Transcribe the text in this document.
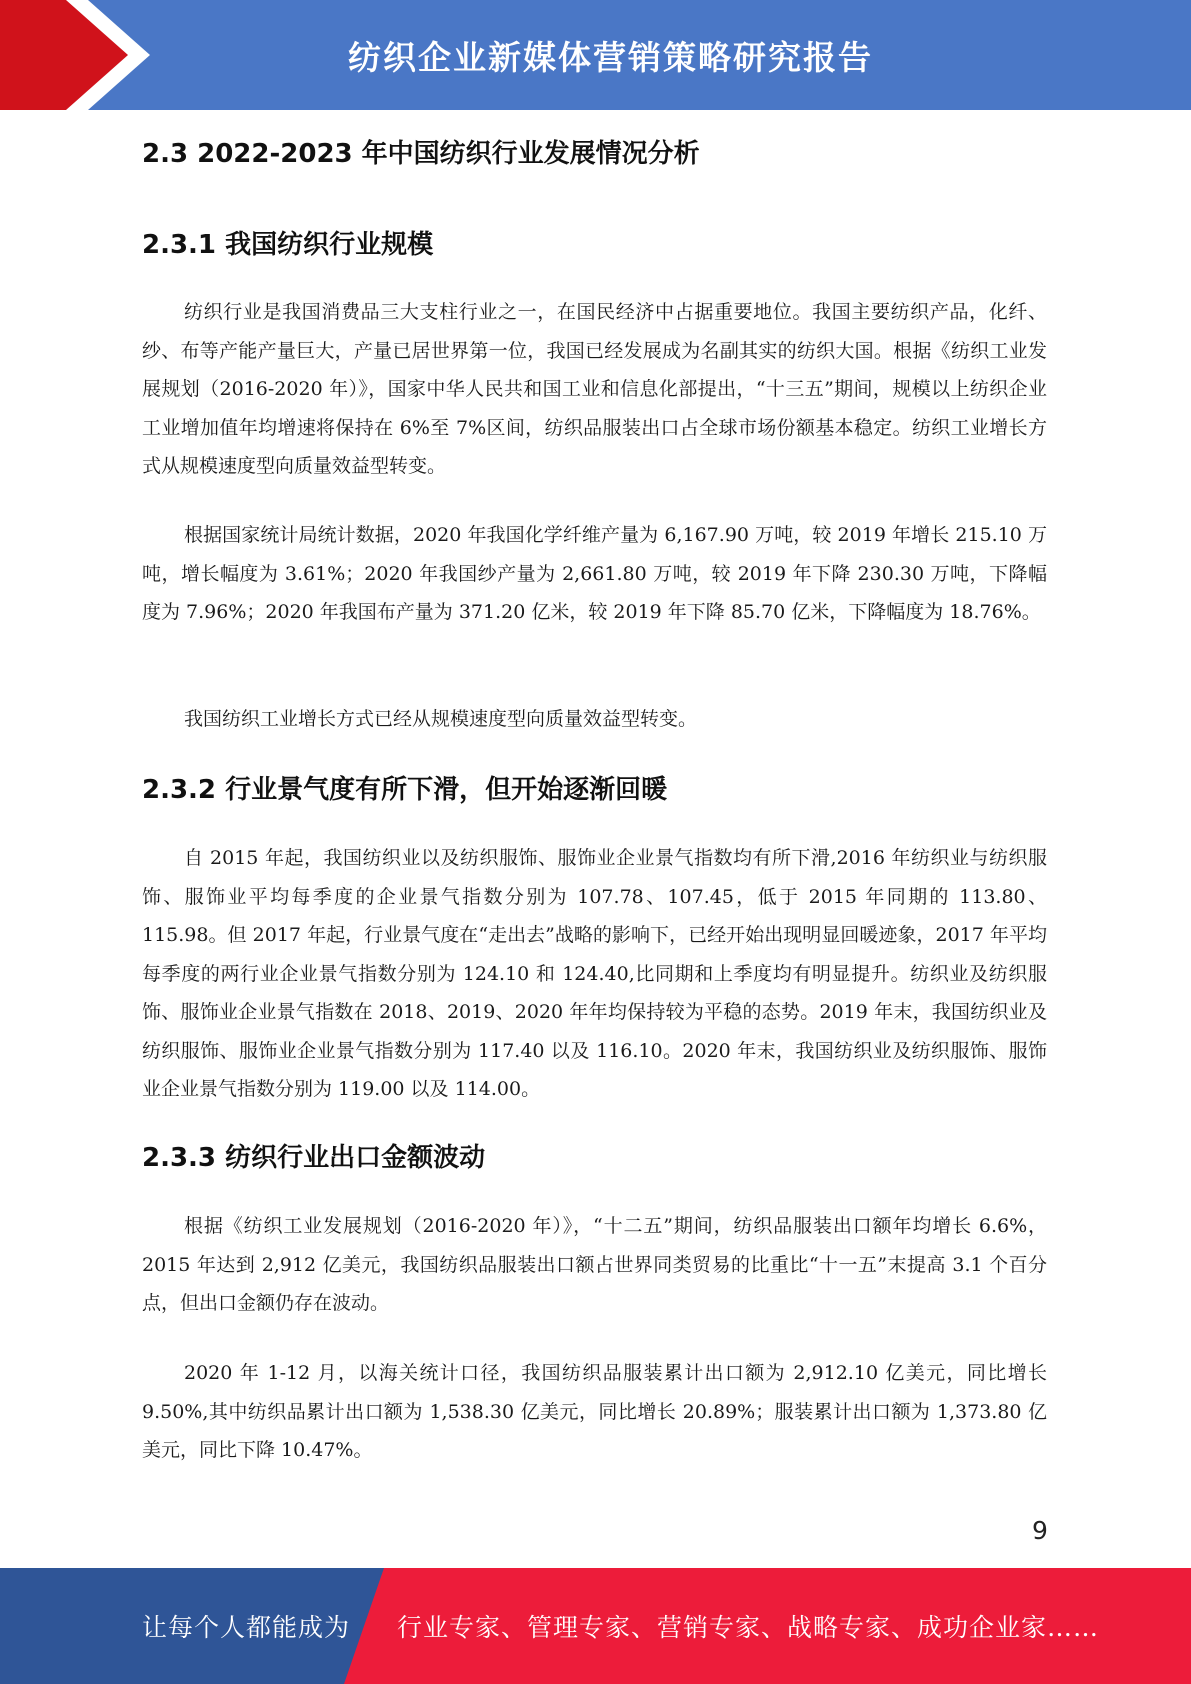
纺织企业新媒体营销策略研究报告
2.3 2022-2023 年中国纺织行业发展情况分析
2.3.1 我国纺织行业规模

纺织行业是我国消费品三大支柱行业之一，在国民经济中占据重要地位。我国主要纺织产品，化纤、纱、布等产能产量巨大，产量已居世界第一位，我国已经发展成为名副其实的纺织大国。根据《纺织工业发展规划（2016-2020 年）》，国家中华人民共和国工业和信息化部提出，“十三五”期间，规模以上纺织企业工业增加值年均增速将保持在 6%至 7%区间，纺织品服装出口占全球市场份额基本稳定。纺织工业增长方式从规模速度型向质量效益型转变。

根据国家统计局统计数据，2020 年我国化学纤维产量为 6,167.90 万吨，较 2019 年增长 215.10 万吨，增长幅度为 3.61%；2020 年我国纱产量为 2,661.80 万吨，较 2019 年下降 230.30 万吨，下降幅度为 7.96%；2020 年我国布产量为 371.20 亿米，较 2019 年下降 85.70 亿米，下降幅度为 18.76%。

我国纺织工业增长方式已经从规模速度型向质量效益型转变。

2.3.2 行业景气度有所下滑，但开始逐渐回暖

自 2015 年起，我国纺织业以及纺织服饰、服饰业企业景气指数均有所下滑,2016 年纺织业与纺织服饰、服饰业平均每季度的企业景气指数分别为 107.78、107.45，低于 2015 年同期的 113.80、115.98。但 2017 年起，行业景气度在“走出去”战略的影响下，已经开始出现明显回暖迹象，2017 年平均每季度的两行业企业景气指数分别为 124.10 和 124.40,比同期和上季度均有明显提升。纺织业及纺织服饰、服饰业企业景气指数在 2018、2019、2020 年年均保持较为平稳的态势。2019 年末，我国纺织业及纺织服饰、服饰业企业景气指数分别为 117.40 以及 116.10。2020 年末，我国纺织业及纺织服饰、服饰业企业景气指数分别为 119.00 以及 114.00。

2.3.3 纺织行业出口金额波动

根据《纺织工业发展规划（2016-2020 年）》，“十二五”期间，纺织品服装出口额年均增长 6.6%，2015 年达到 2,912 亿美元，我国纺织品服装出口额占世界同类贸易的比重比“十一五”末提高 3.1 个百分点，但出口金额仍存在波动。

2020 年 1-12 月，以海关统计口径，我国纺织品服装累计出口额为 2,912.10 亿美元，同比增长 9.50%,其中纺织品累计出口额为 1,538.30 亿美元，同比增长 20.89%；服装累计出口额为 1,373.80 亿美元，同比下降 10.47%。

9
让每个人都能成为 行业专家、管理专家、营销专家、战略专家、成功企业家……
